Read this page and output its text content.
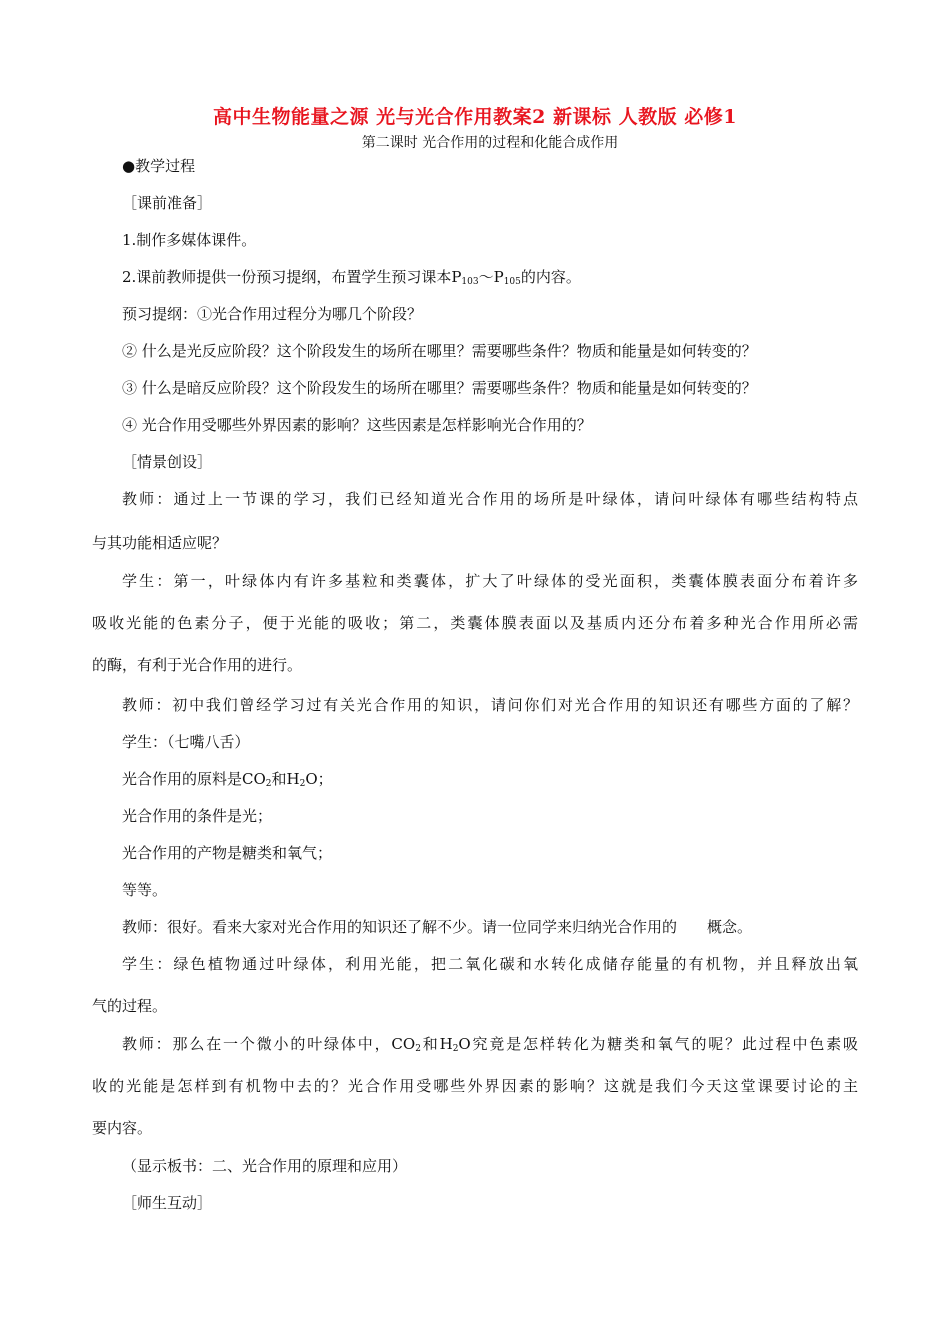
高中生物能量之源 光与光合作用教案2 新课标 人教版 必修1
第二课时 光合作用的过程和化能合成作用
●教学过程
［课前准备］
1.制作多媒体课件。
2.课前教师提供一份预习提纲，布置学生预习课本$P_{103}\sim P_{105}$的内容。
预习提纲：①光合作用过程分为哪几个阶段？
② 什么是光反应阶段？这个阶段发生的场所在哪里？需要哪些条件？物质和能量是如何转变的？
③ 什么是暗反应阶段？这个阶段发生的场所在哪里？需要哪些条件？物质和能量是如何转变的？
④ 光合作用受哪些外界因素的影响？这些因素是怎样影响光合作用的？
［情景创设］
教师：通过上一节课的学习，我们已经知道光合作用的场所是叶绿体，请问叶绿体有哪些结构特点
与其功能相适应呢？
学生：第一，叶绿体内有许多基粒和类囊体，扩大了叶绿体的受光面积，类囊体膜表面分布着许多
吸收光能的色素分子，便于光能的吸收；第二，类囊体膜表面以及基质内还分布着多种光合作用所必需
的酶，有利于光合作用的进行。
教师：初中我们曾经学习过有关光合作用的知识，请问你们对光合作用的知识还有哪些方面的了解？
学生：（七嘴八舌）
光合作用的原料是$CO_2$和$H_2O$；
光合作用的条件是光；
光合作用的产物是糖类和氧气；
等等。
教师：很好。看来大家对光合作用的知识还了解不少。请一位同学来归纳光合作用的　　概念。
学生：绿色植物通过叶绿体，利用光能，把二氧化碳和水转化成储存能量的有机物，并且释放出氧
气的过程。
教师：那么在一个微小的叶绿体中，$CO_2$和$H_2O$究竟是怎样转化为糖类和氧气的呢？此过程中色素吸
收的光能是怎样到有机物中去的？光合作用受哪些外界因素的影响？这就是我们今天这堂课要讨论的主
要内容。
（显示板书：二、光合作用的原理和应用）
［师生互动］
